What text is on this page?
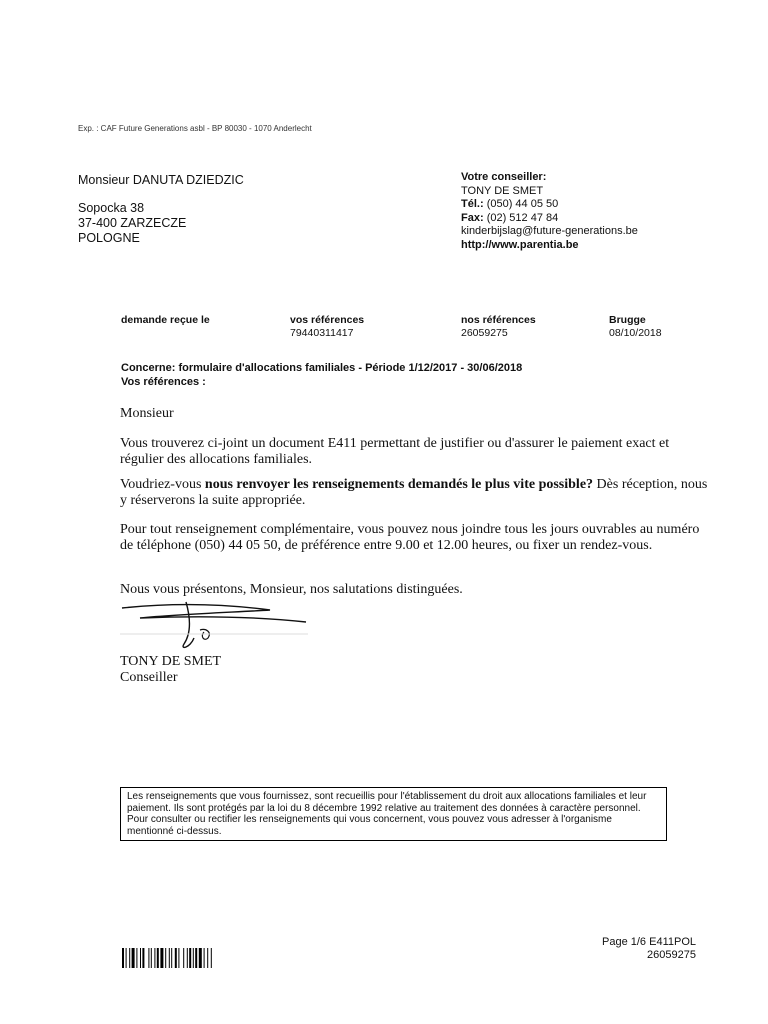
Exp. : CAF Future Generations asbl - BP 80030 - 1070 Anderlecht
Monsieur DANUTA DZIEDZIC
Sopocka 38
37-400 ZARZECZE
POLOGNE
Votre conseiller:
TONY DE SMET
Tél.: (050) 44 05 50
Fax: (02) 512 47 84
kinderbijslag@future-generations.be
http://www.parentia.be
demande reçue le	vos références
79440311417
nos références
26059275
Brugge
08/10/2018
Concerne: formulaire d'allocations familiales - Période 1/12/2017 - 30/06/2018
Vos références :
Monsieur
Vous trouverez ci-joint un document E411 permettant de justifier ou d'assurer le paiement exact et régulier des allocations familiales.
Voudriez-vous nous renvoyer les renseignements demandés le plus vite possible? Dès réception, nous y réserverons la suite appropriée.
Pour tout renseignement complémentaire, vous pouvez nous joindre tous les jours ouvrables au numéro de téléphone (050) 44 05 50, de préférence entre 9.00 et 12.00 heures, ou fixer un rendez-vous.
Nous vous présentons, Monsieur, nos salutations distinguées.
TONY DE SMET
Conseiller
Les renseignements que vous fournissez, sont recueillis pour l'établissement du droit aux allocations familiales et leur paiement. Ils sont protégés par la loi du 8 décembre 1992 relative au traitement des données à caractère personnel. Pour consulter ou rectifier les renseignements qui vous concernent, vous pouvez vous adresser à l'organisme mentionné ci-dessus.
Page 1/6 E411POL
26059275
